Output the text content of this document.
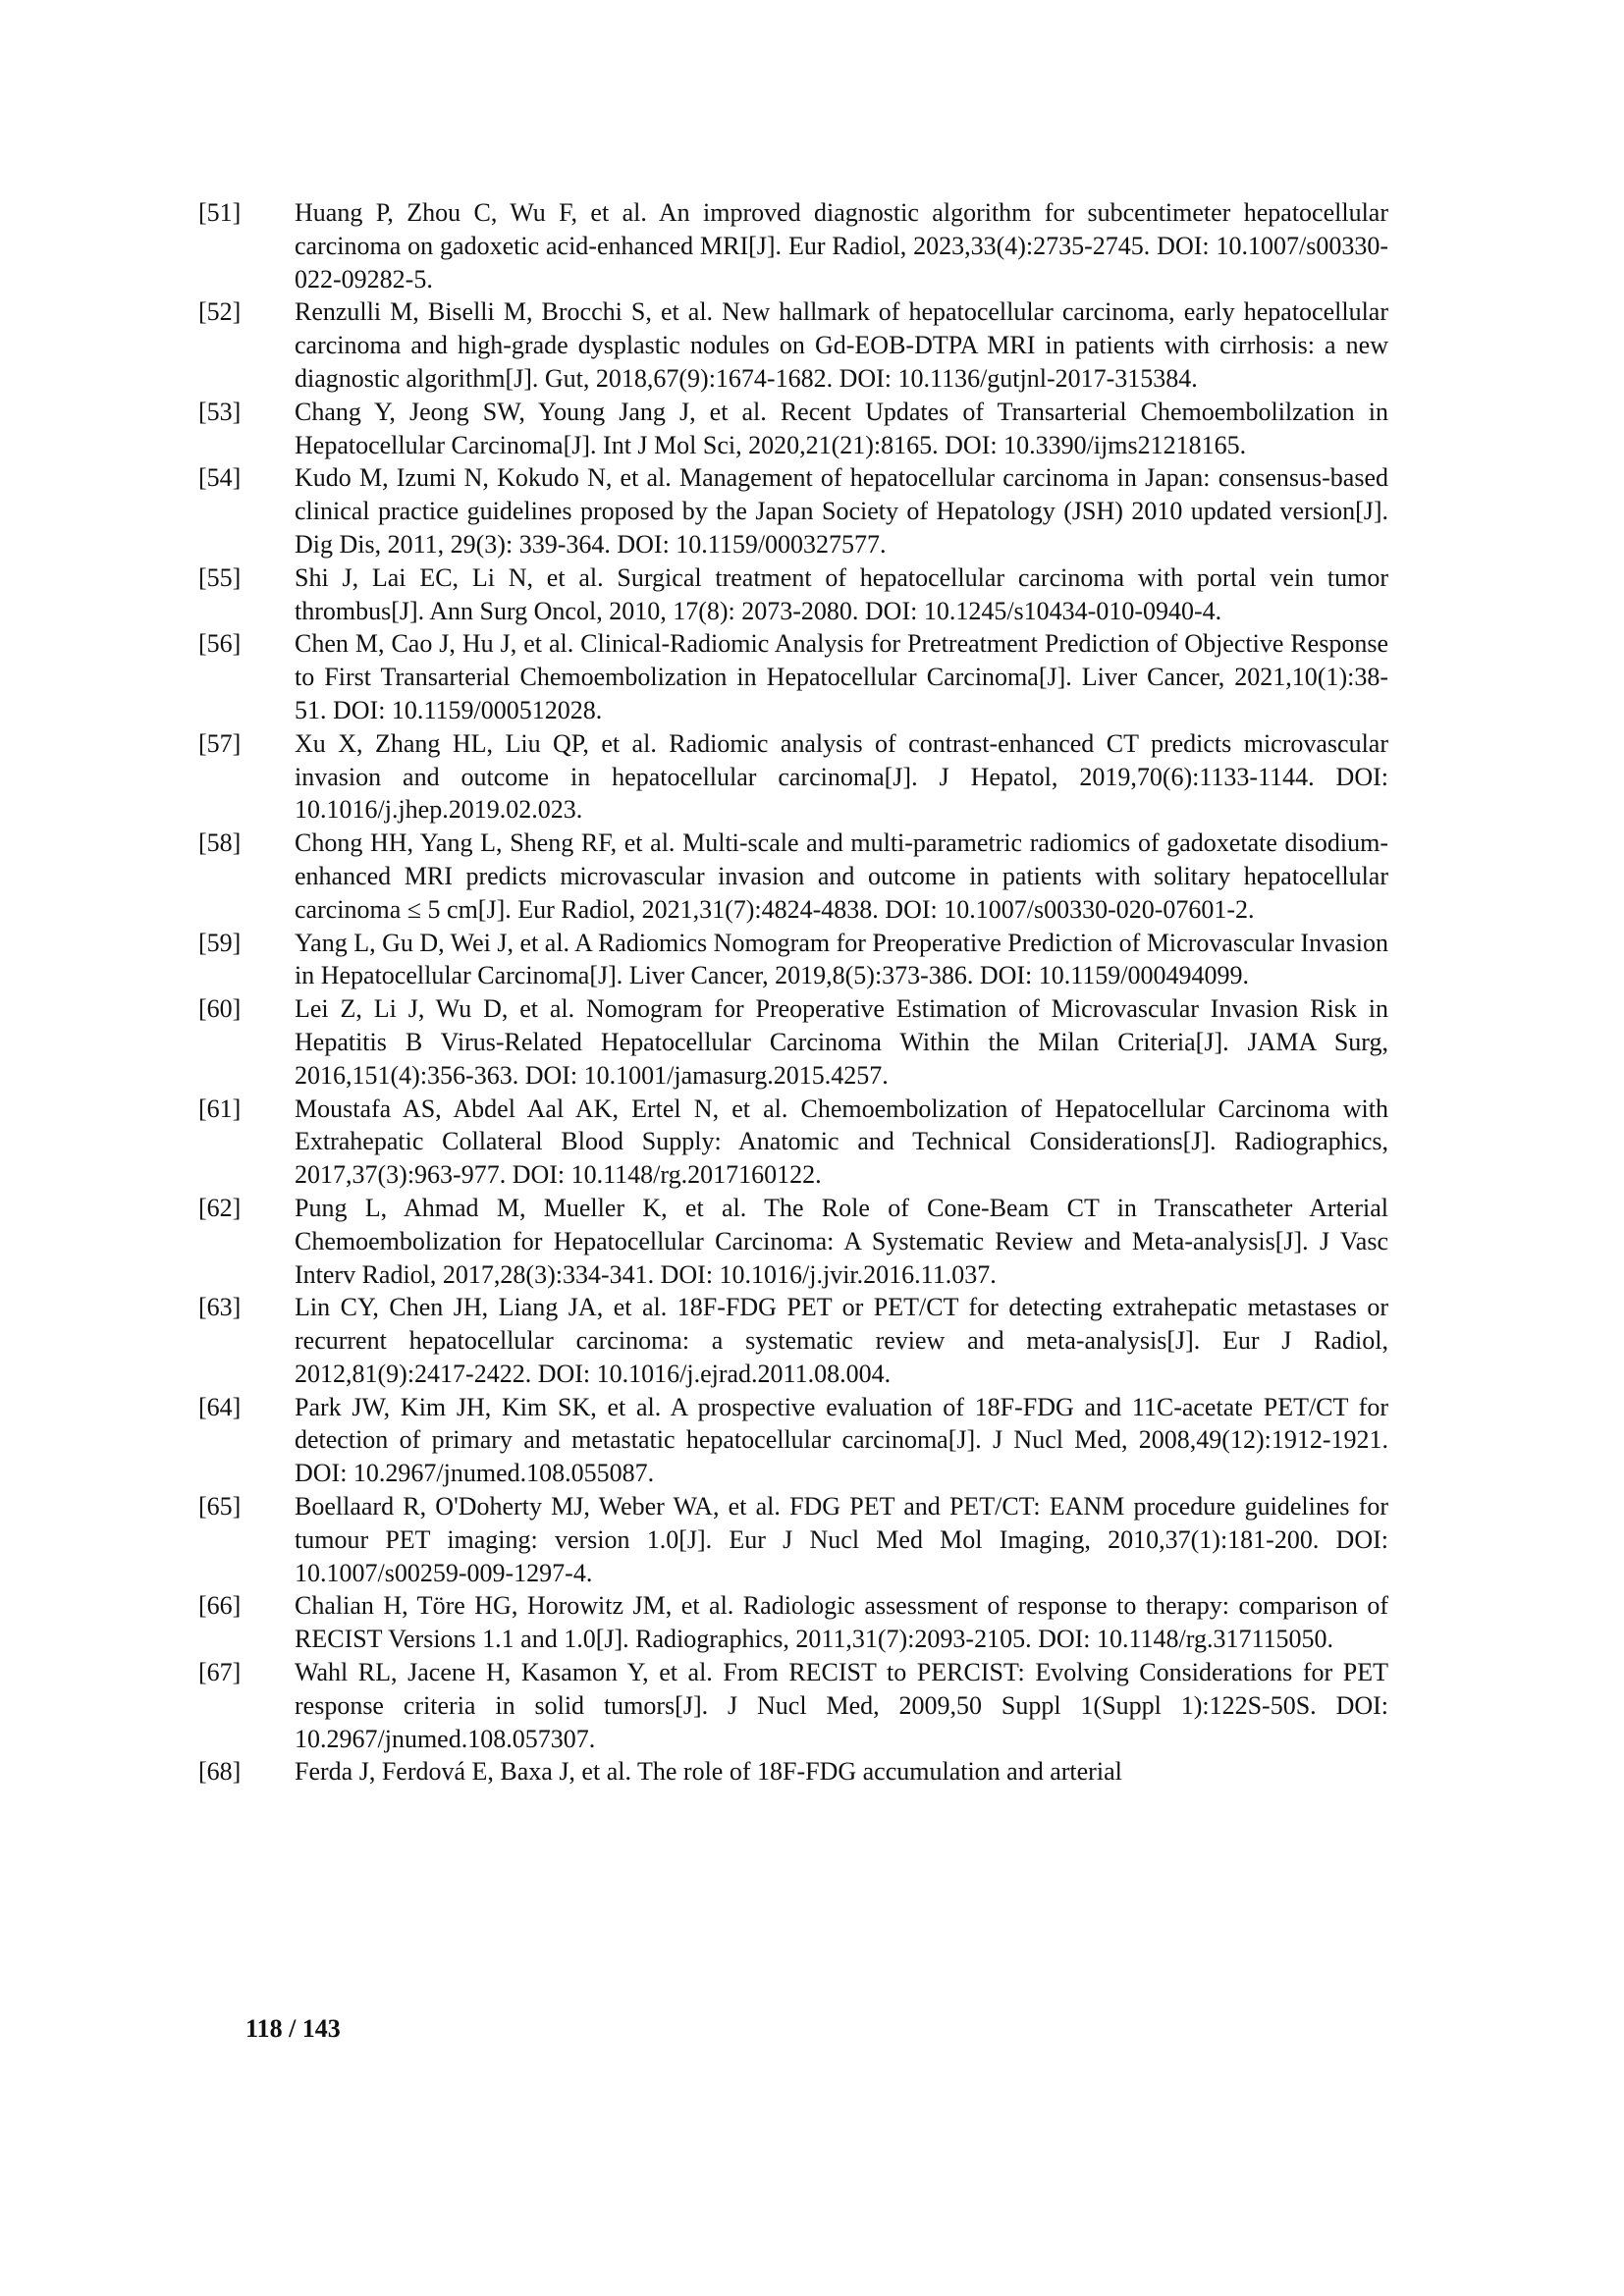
[51]	Huang P, Zhou C, Wu F, et al. An improved diagnostic algorithm for subcentimeter hepatocellular carcinoma on gadoxetic acid-enhanced MRI[J]. Eur Radiol, 2023,33(4):2735-2745. DOI: 10.1007/s00330-022-09282-5.
[52]	Renzulli M, Biselli M, Brocchi S, et al. New hallmark of hepatocellular carcinoma, early hepatocellular carcinoma and high-grade dysplastic nodules on Gd-EOB-DTPA MRI in patients with cirrhosis: a new diagnostic algorithm[J]. Gut, 2018,67(9):1674-1682. DOI: 10.1136/gutjnl-2017-315384.
[53]	Chang Y, Jeong SW, Young Jang J, et al. Recent Updates of Transarterial Chemoembolilzation in Hepatocellular Carcinoma[J]. Int J Mol Sci, 2020,21(21):8165. DOI: 10.3390/ijms21218165.
[54]	Kudo M, Izumi N, Kokudo N, et al. Management of hepatocellular carcinoma in Japan: consensus-based clinical practice guidelines proposed by the Japan Society of Hepatology (JSH) 2010 updated version[J]. Dig Dis, 2011, 29(3): 339-364. DOI: 10.1159/000327577.
[55]	Shi J, Lai EC, Li N, et al. Surgical treatment of hepatocellular carcinoma with portal vein tumor thrombus[J]. Ann Surg Oncol, 2010, 17(8): 2073-2080. DOI: 10.1245/s10434-010-0940-4.
[56]	Chen M, Cao J, Hu J, et al. Clinical-Radiomic Analysis for Pretreatment Prediction of Objective Response to First Transarterial Chemoembolization in Hepatocellular Carcinoma[J]. Liver Cancer, 2021,10(1):38-51. DOI: 10.1159/000512028.
[57]	Xu X, Zhang HL, Liu QP, et al. Radiomic analysis of contrast-enhanced CT predicts microvascular invasion and outcome in hepatocellular carcinoma[J]. J Hepatol, 2019,70(6):1133-1144. DOI: 10.1016/j.jhep.2019.02.023.
[58]	Chong HH, Yang L, Sheng RF, et al. Multi-scale and multi-parametric radiomics of gadoxetate disodium-enhanced MRI predicts microvascular invasion and outcome in patients with solitary hepatocellular carcinoma ≤ 5 cm[J]. Eur Radiol, 2021,31(7):4824-4838. DOI: 10.1007/s00330-020-07601-2.
[59]	Yang L, Gu D, Wei J, et al. A Radiomics Nomogram for Preoperative Prediction of Microvascular Invasion in Hepatocellular Carcinoma[J]. Liver Cancer, 2019,8(5):373-386. DOI: 10.1159/000494099.
[60]	Lei Z, Li J, Wu D, et al. Nomogram for Preoperative Estimation of Microvascular Invasion Risk in Hepatitis B Virus-Related Hepatocellular Carcinoma Within the Milan Criteria[J]. JAMA Surg, 2016,151(4):356-363. DOI: 10.1001/jamasurg.2015.4257.
[61]	Moustafa AS, Abdel Aal AK, Ertel N, et al. Chemoembolization of Hepatocellular Carcinoma with Extrahepatic Collateral Blood Supply: Anatomic and Technical Considerations[J]. Radiographics, 2017,37(3):963-977. DOI: 10.1148/rg.2017160122.
[62]	Pung L, Ahmad M, Mueller K, et al. The Role of Cone-Beam CT in Transcatheter Arterial Chemoembolization for Hepatocellular Carcinoma: A Systematic Review and Meta-analysis[J]. J Vasc Interv Radiol, 2017,28(3):334-341. DOI: 10.1016/j.jvir.2016.11.037.
[63]	Lin CY, Chen JH, Liang JA, et al. 18F-FDG PET or PET/CT for detecting extrahepatic metastases or recurrent hepatocellular carcinoma: a systematic review and meta-analysis[J]. Eur J Radiol, 2012,81(9):2417-2422. DOI: 10.1016/j.ejrad.2011.08.004.
[64]	Park JW, Kim JH, Kim SK, et al. A prospective evaluation of 18F-FDG and 11C-acetate PET/CT for detection of primary and metastatic hepatocellular carcinoma[J]. J Nucl Med, 2008,49(12):1912-1921. DOI: 10.2967/jnumed.108.055087.
[65]	Boellaard R, O'Doherty MJ, Weber WA, et al. FDG PET and PET/CT: EANM procedure guidelines for tumour PET imaging: version 1.0[J]. Eur J Nucl Med Mol Imaging, 2010,37(1):181-200. DOI: 10.1007/s00259-009-1297-4.
[66]	Chalian H, Töre HG, Horowitz JM, et al. Radiologic assessment of response to therapy: comparison of RECIST Versions 1.1 and 1.0[J]. Radiographics, 2011,31(7):2093-2105. DOI: 10.1148/rg.317115050.
[67]	Wahl RL, Jacene H, Kasamon Y, et al. From RECIST to PERCIST: Evolving Considerations for PET response criteria in solid tumors[J]. J Nucl Med, 2009,50 Suppl 1(Suppl 1):122S-50S. DOI: 10.2967/jnumed.108.057307.
[68]	Ferda J, Ferdová E, Baxa J, et al. The role of 18F-FDG accumulation and arterial
118 / 143
